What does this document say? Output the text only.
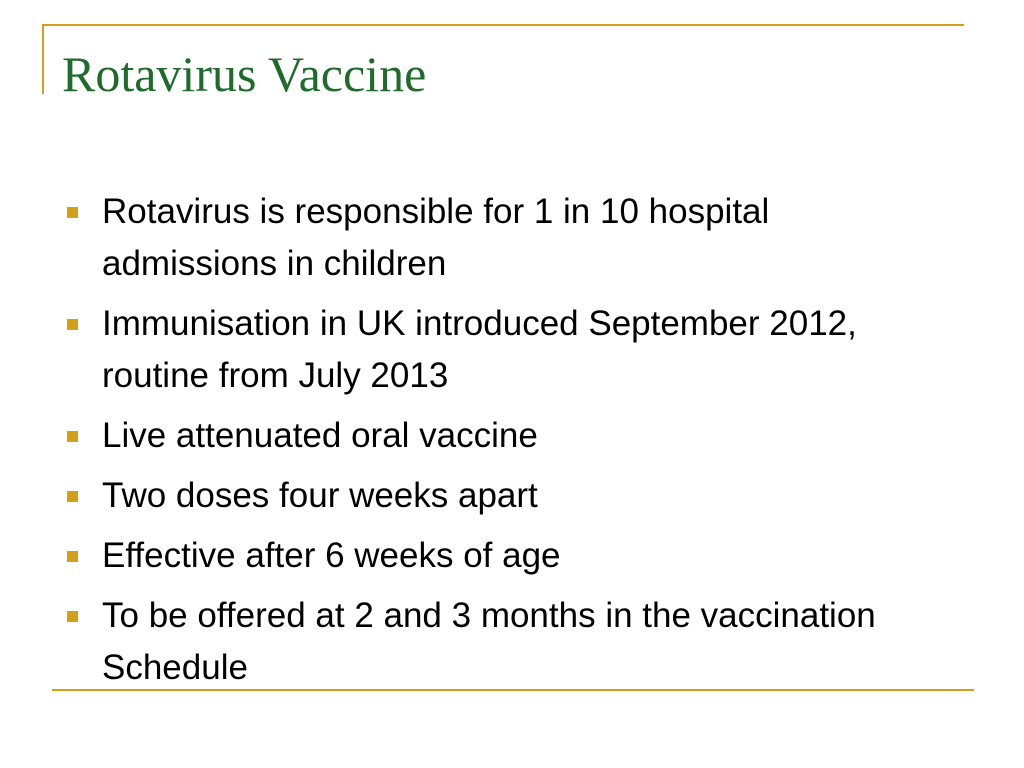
Rotavirus Vaccine
Rotavirus is responsible for 1 in 10 hospital admissions in children
Immunisation in UK introduced September 2012, routine from July 2013
Live attenuated oral vaccine
Two doses four weeks apart
Effective after 6 weeks of age
To be offered at 2 and 3 months in the vaccination Schedule
